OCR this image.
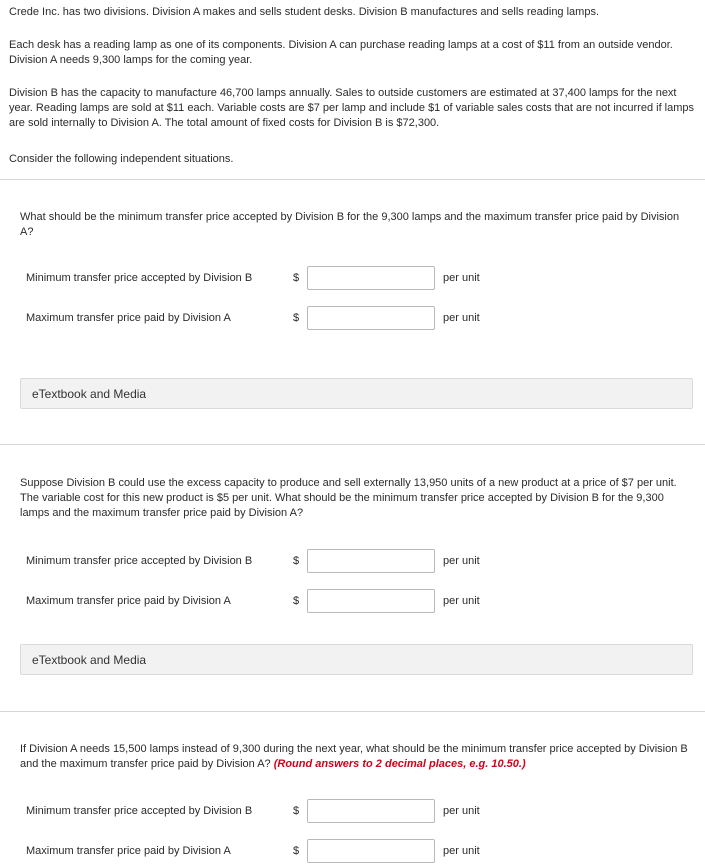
Crede Inc. has two divisions. Division A makes and sells student desks. Division B manufactures and sells reading lamps.
Each desk has a reading lamp as one of its components. Division A can purchase reading lamps at a cost of $11 from an outside vendor. Division A needs 9,300 lamps for the coming year.
Division B has the capacity to manufacture 46,700 lamps annually. Sales to outside customers are estimated at 37,400 lamps for the next year. Reading lamps are sold at $11 each. Variable costs are $7 per lamp and include $1 of variable sales costs that are not incurred if lamps are sold internally to Division A. The total amount of fixed costs for Division B is $72,300.
Consider the following independent situations.
What should be the minimum transfer price accepted by Division B for the 9,300 lamps and the maximum transfer price paid by Division A?
Minimum transfer price accepted by Division B	$	per unit
Maximum transfer price paid by Division A	$	per unit
eTextbook and Media
Suppose Division B could use the excess capacity to produce and sell externally 13,950 units of a new product at a price of $7 per unit. The variable cost for this new product is $5 per unit. What should be the minimum transfer price accepted by Division B for the 9,300 lamps and the maximum transfer price paid by Division A?
Minimum transfer price accepted by Division B	$	per unit
Maximum transfer price paid by Division A	$	per unit
eTextbook and Media
If Division A needs 15,500 lamps instead of 9,300 during the next year, what should be the minimum transfer price accepted by Division B and the maximum transfer price paid by Division A? (Round answers to 2 decimal places, e.g. 10.50.)
Minimum transfer price accepted by Division B	$	per unit
Maximum transfer price paid by Division A	$	per unit
